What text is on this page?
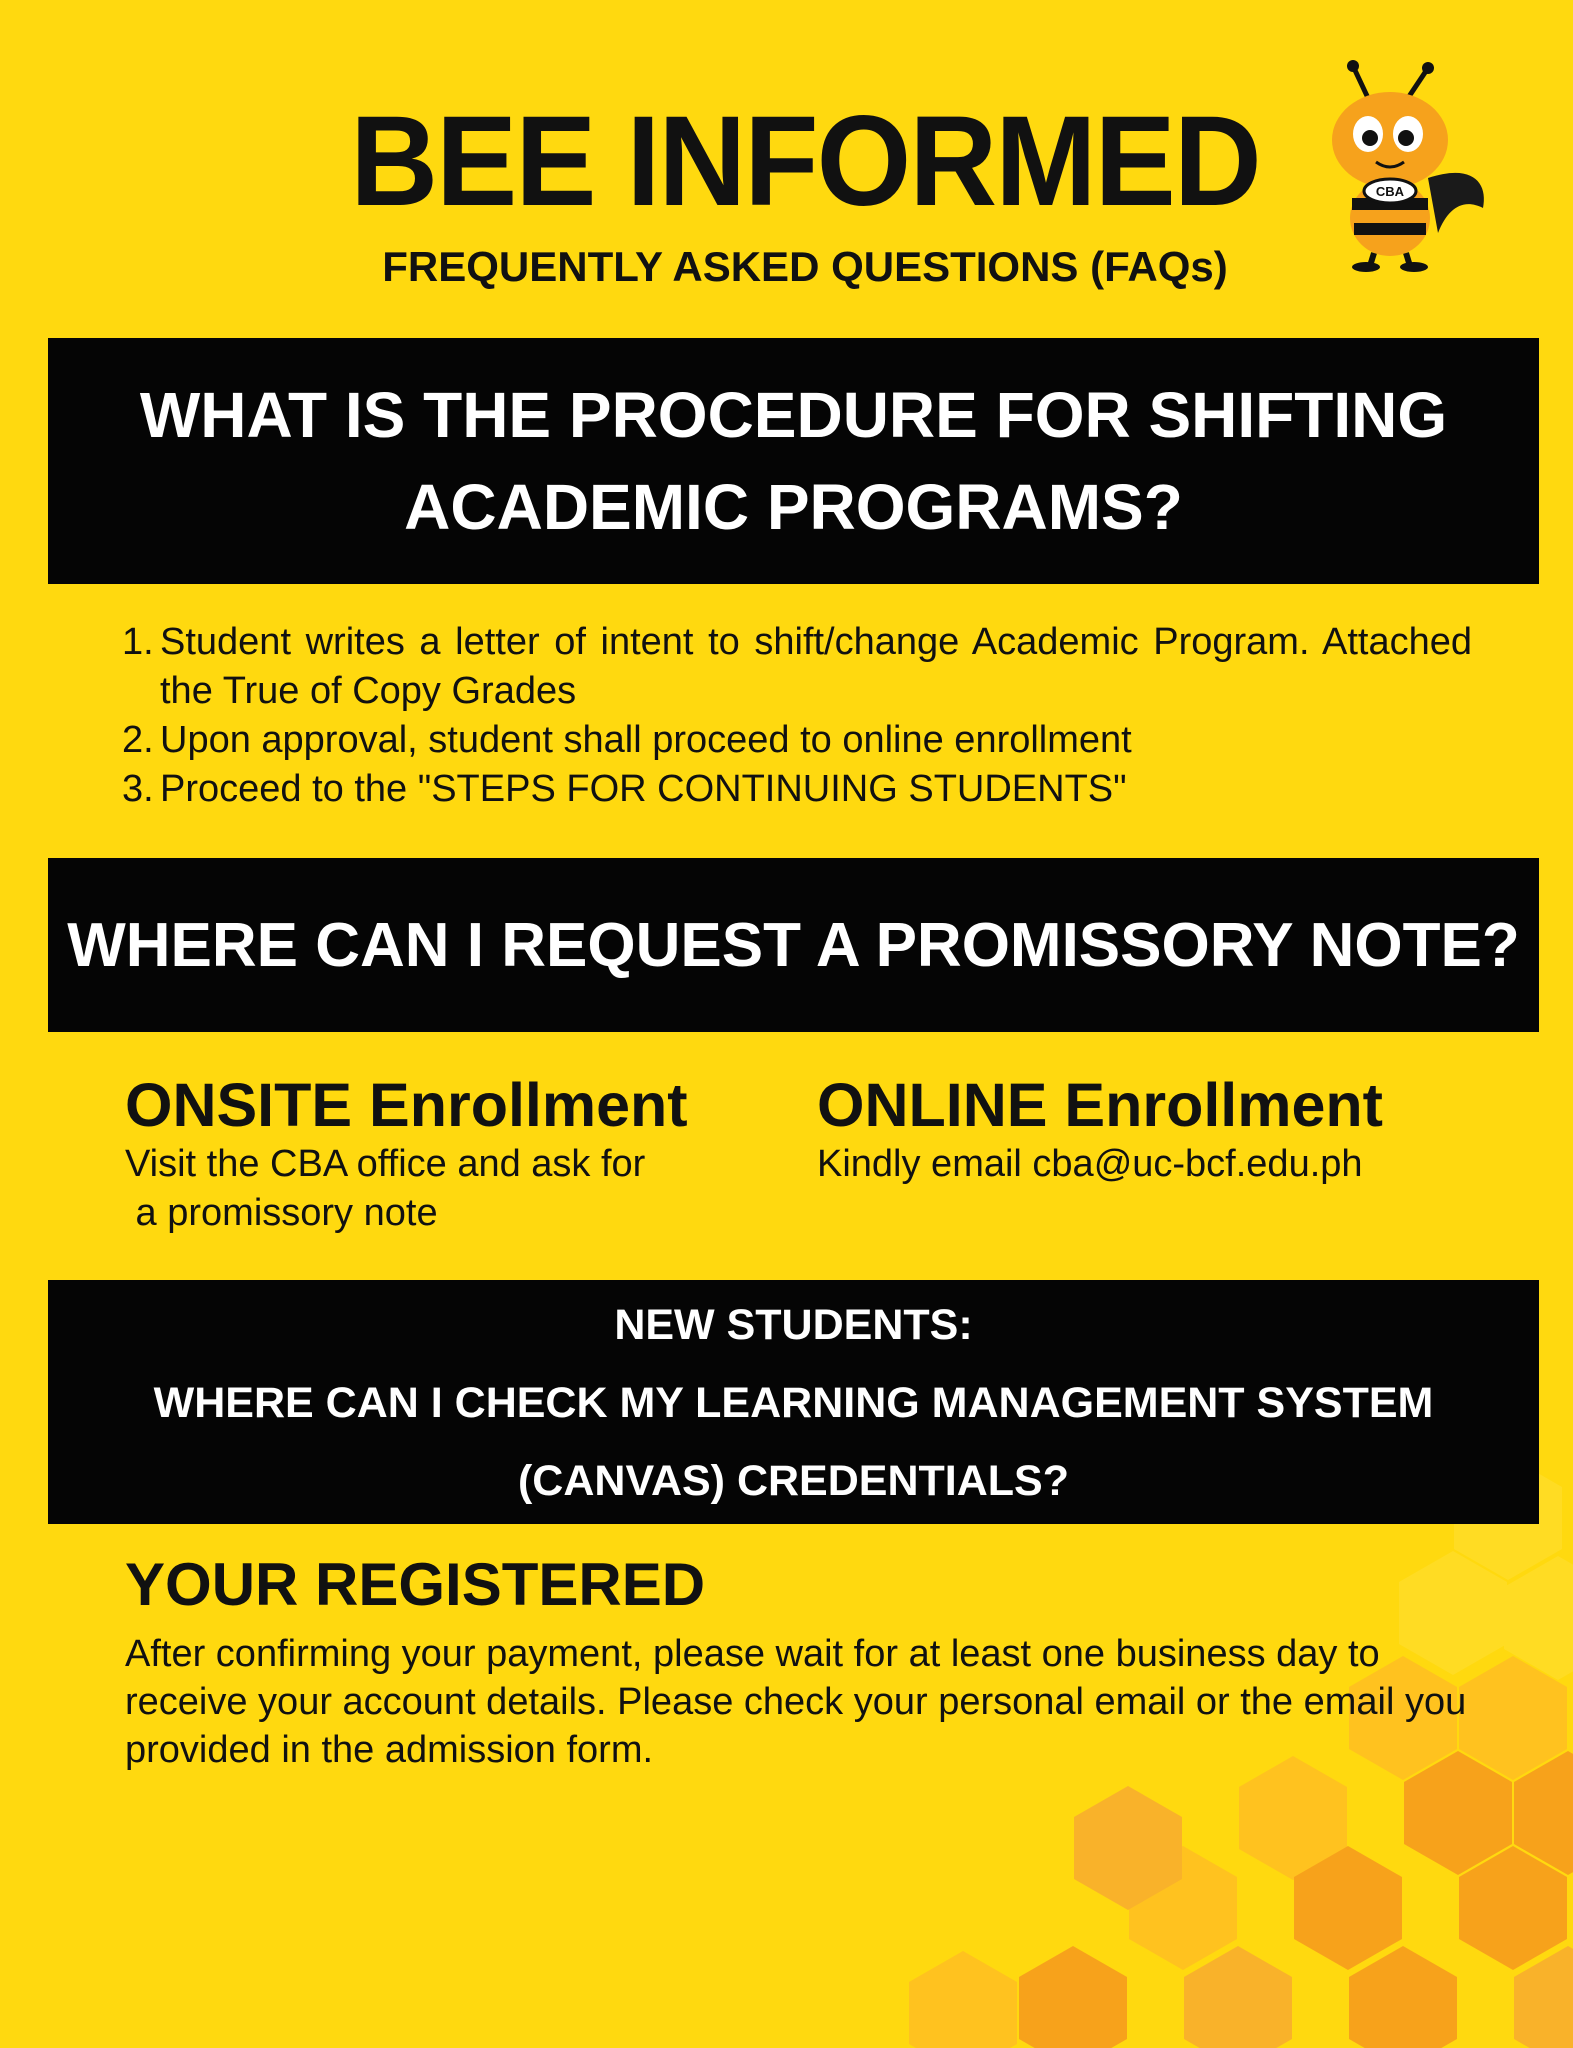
BEE INFORMED
FREQUENTLY ASKED QUESTIONS (FAQs)
CBA
WHAT IS THE PROCEDURE FOR SHIFTING
ACADEMIC PROGRAMS?
1. Student writes a letter of intent to shift/change Academic Program. Attached the True of Copy Grades
2. Upon approval, student shall proceed to online enrollment
3. Proceed to the "STEPS FOR CONTINUING STUDENTS"
WHERE CAN I REQUEST A PROMISSORY NOTE?

ONSITE Enrollment

Visit the CBA office and ask for

a promissory note

ONLINE Enrollment

Kindly email cba@uc-bcf.edu.ph

NEW STUDENTS:
WHERE CAN I CHECK MY LEARNING MANAGEMENT SYSTEM
(CANVAS) CREDENTIALS?
YOUR REGISTERED

After confirming your payment, please wait for at least one business day to receive your account details. Please check your personal email or the email you provided in the admission form.
